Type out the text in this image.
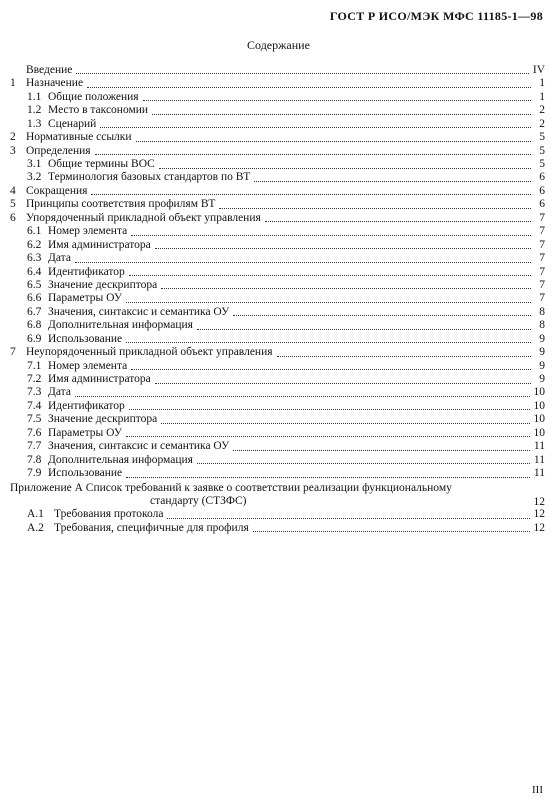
ГОСТ Р ИСО/МЭК МФС 11185-1—98
Содержание
Введение	IV
1 Назначение	1
1.1 Общие положения	1
1.2 Место в таксономии	2
1.3 Сценарий	2
2 Нормативные ссылки	5
3 Определения	5
3.1 Общие термины ВОС	5
3.2 Терминология базовых стандартов по ВТ	6
4 Сокращения	6
5 Принципы соответствия профилям ВТ	6
6 Упорядоченный прикладной объект управления	7
6.1 Номер элемента	7
6.2 Имя администратора	7
6.3 Дата	7
6.4 Идентификатор	7
6.5 Значение дескриптора	7
6.6 Параметры ОУ	7
6.7 Значения, синтаксис и семантика ОУ	8
6.8 Дополнительная информация	8
6.9 Использование	9
7 Неупорядоченный прикладной объект управления	9
7.1 Номер элемента	9
7.2 Имя администратора	9
7.3 Дата	10
7.4 Идентификатор	10
7.5 Значение дескриптора	10
7.6 Параметры ОУ	10
7.7 Значения, синтаксис и семантика ОУ	11
7.8 Дополнительная информация	11
7.9 Использование	11
Приложение А Список требований к заявке о соответствии реализации функциональному
стандарту (СТЗФС)	12
А.1 Требования протокола	12
А.2 Требования, специфичные для профиля	12
III
